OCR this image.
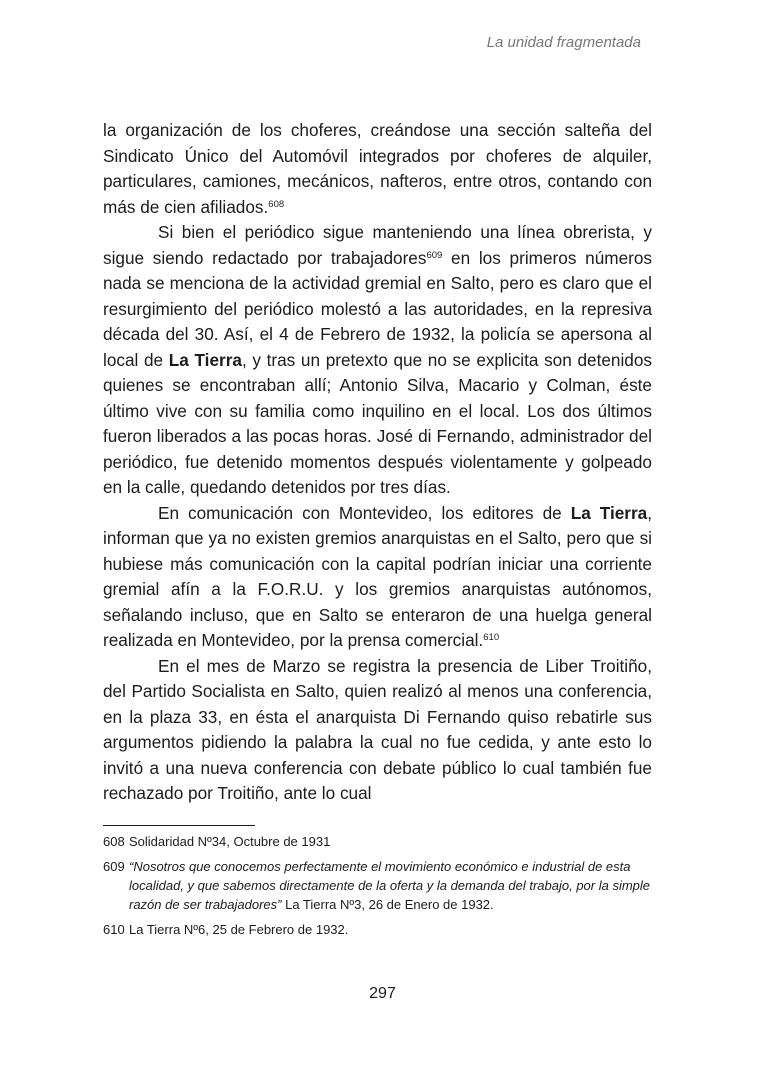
La unidad fragmentada

la organización de los choferes, creándose una sección salteña del Sindicato Único del Automóvil integrados por choferes de alquiler, particulares, camiones, mecánicos, nafteros, entre otros, contando con más de cien afiliados.$^{608}$

Si bien el periódico sigue manteniendo una línea obrerista, y sigue siendo redactado por trabajadores$^{609}$ en los primeros números nada se menciona de la actividad gremial en Salto, pero es claro que el resurgimiento del periódico molestó a las autoridades, en la represiva década del 30. Así, el 4 de Febrero de 1932, la policía se apersona al local de La Tierra, y tras un pretexto que no se explicita son detenidos quienes se encontraban allí; Antonio Silva, Macario y Colman, éste último vive con su familia como inquilino en el local. Los dos últimos fueron liberados a las pocas horas. José di Fernando, administrador del periódico, fue detenido momentos después violentamente y golpeado en la calle, quedando detenidos por tres días.

En comunicación con Montevideo, los editores de La Tierra, informan que ya no existen gremios anarquistas en el Salto, pero que si hubiese más comunicación con la capital podrían iniciar una corriente gremial afín a la F.O.R.U. y los gremios anarquistas autónomos, señalando incluso, que en Salto se enteraron de una huelga general realizada en Montevideo, por la prensa comercial.$^{610}$

En el mes de Marzo se registra la presencia de Liber Troitiño, del Partido Socialista en Salto, quien realizó al menos una conferencia, en la plaza 33, en ésta el anarquista Di Fernando quiso rebatirle sus argumentos pidiendo la palabra la cual no fue cedida, y ante esto lo invitó a una nueva conferencia con debate público lo cual también fue rechazado por Troitiño, ante lo cual

608 Solidaridad Nº34, Octubre de 1931
609 “Nosotros que conocemos perfectamente el movimiento económico e industrial de esta localidad, y que sabemos directamente de la oferta y la demanda del trabajo, por la simple razón de ser trabajadores” La Tierra Nº3, 26 de Enero de 1932.
610 La Tierra Nº6, 25 de Febrero de 1932.
297
